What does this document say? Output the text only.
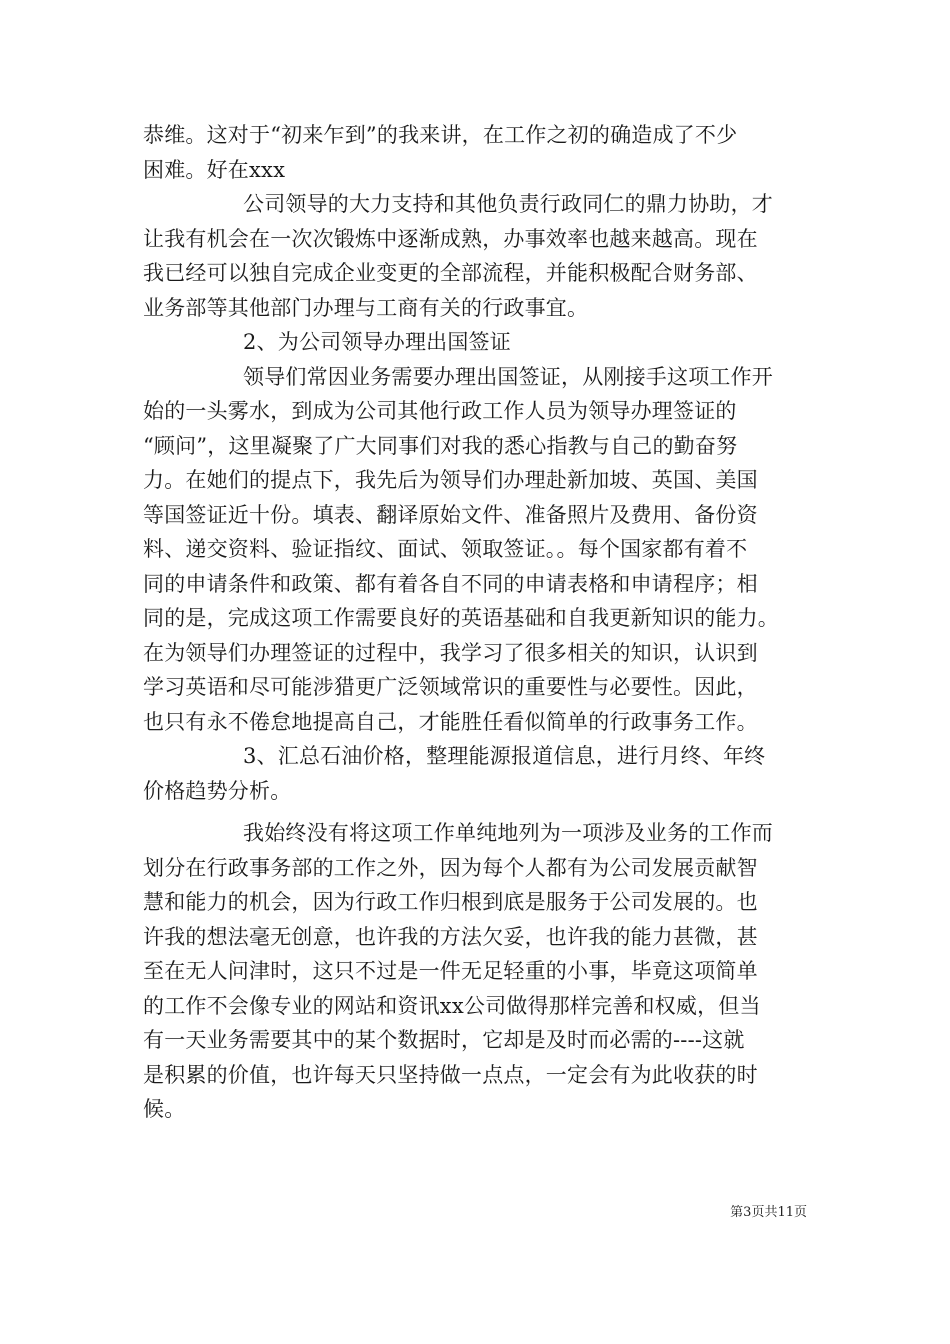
恭维。这对于“初来乍到”的我来讲，在工作之初的确造成了不少
困难。好在xxx
公司领导的大力支持和其他负责行政同仁的鼎力协助，才
让我有机会在一次次锻炼中逐渐成熟，办事效率也越来越高。现在
我已经可以独自完成企业变更的全部流程，并能积极配合财务部、
业务部等其他部门办理与工商有关的行政事宜。
2、为公司领导办理出国签证
领导们常因业务需要办理出国签证，从刚接手这项工作开
始的一头雾水，到成为公司其他行政工作人员为领导办理签证的
“顾问”，这里凝聚了广大同事们对我的悉心指教与自己的勤奋努
力。在她们的提点下，我先后为领导们办理赴新加坡、英国、美国
等国签证近十份。填表、翻译原始文件、准备照片及费用、备份资
料、递交资料、验证指纹、面试、领取签证。。每个国家都有着不
同的申请条件和政策、都有着各自不同的申请表格和申请程序；相
同的是，完成这项工作需要良好的英语基础和自我更新知识的能力。
在为领导们办理签证的过程中，我学习了很多相关的知识，认识到
学习英语和尽可能涉猎更广泛领域常识的重要性与必要性。因此，
也只有永不倦怠地提高自己，才能胜任看似简单的行政事务工作。
3、汇总石油价格，整理能源报道信息，进行月终、年终
价格趋势分析。
我始终没有将这项工作单纯地列为一项涉及业务的工作而
划分在行政事务部的工作之外，因为每个人都有为公司发展贡献智
慧和能力的机会，因为行政工作归根到底是服务于公司发展的。也
许我的想法毫无创意，也许我的方法欠妥，也许我的能力甚微，甚
至在无人问津时，这只不过是一件无足轻重的小事，毕竟这项简单
的工作不会像专业的网站和资讯xx公司做得那样完善和权威，但当
有一天业务需要其中的某个数据时，它却是及时而必需的----这就
是积累的价值，也许每天只坚持做一点点，一定会有为此收获的时
候。
第3页共11页
